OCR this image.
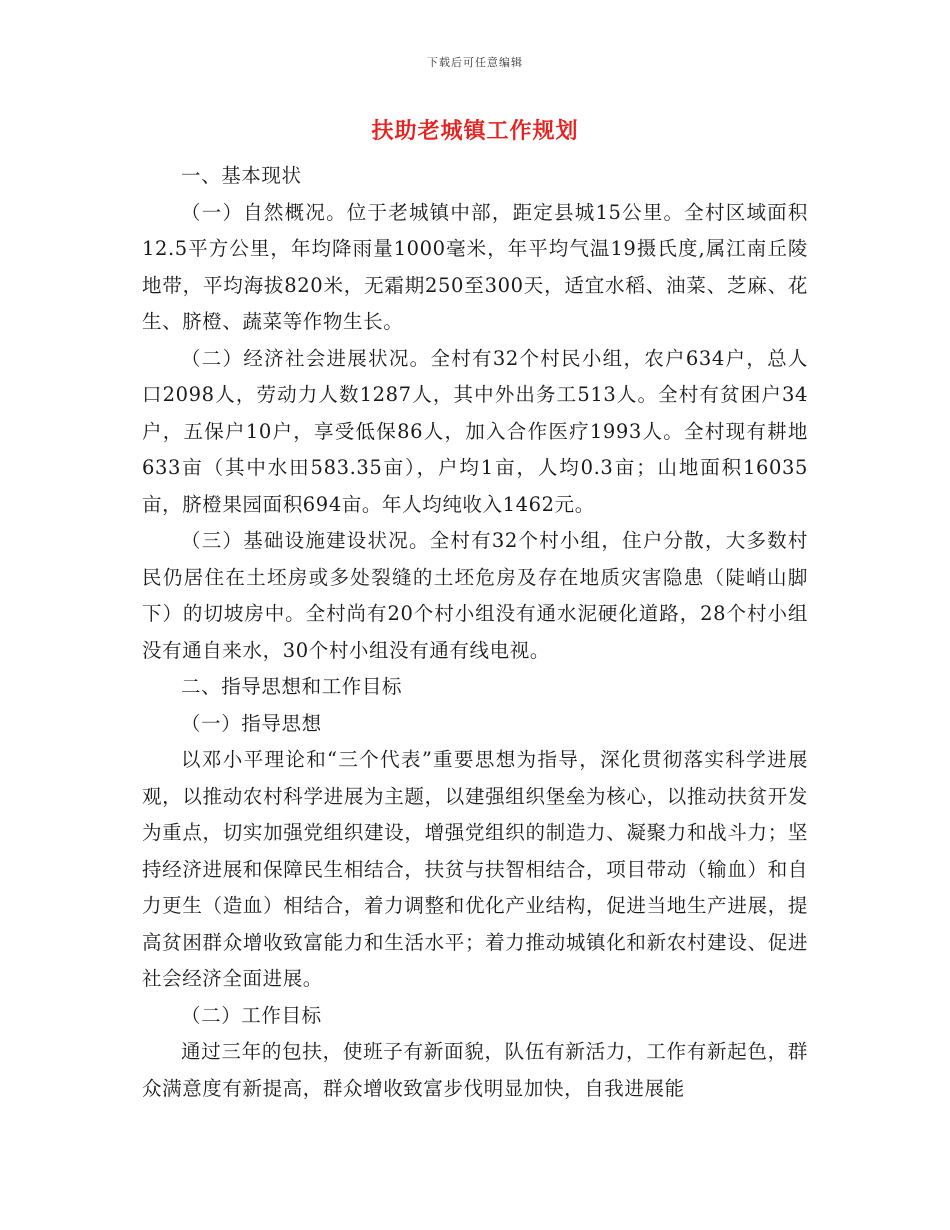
下载后可任意编辑
扶助老城镇工作规划

一、基本现状

（一）自然概况。位于老城镇中部，距定县城15公里。全村区域面积12.5平方公里，年均降雨量1000毫米，年平均气温19摄氏度,属江南丘陵地带，平均海拔820米，无霜期250至300天，适宜水稻、油菜、芝麻、花生、脐橙、蔬菜等作物生长。

（二）经济社会进展状况。全村有32个村民小组，农户634户，总人口2098人，劳动力人数1287人，其中外出务工513人。全村有贫困户34户，五保户10户，享受低保86人，加入合作医疗1993人。全村现有耕地633亩（其中水田583.35亩），户均1亩，人均0.3亩；山地面积16035亩，脐橙果园面积694亩。年人均纯收入1462元。

（三）基础设施建设状况。全村有32个村小组，住户分散，大多数村民仍居住在土坯房或多处裂缝的土坯危房及存在地质灾害隐患（陡峭山脚下）的切坡房中。全村尚有20个村小组没有通水泥硬化道路，28个村小组没有通自来水，30个村小组没有通有线电视。

二、指导思想和工作目标

（一）指导思想

以邓小平理论和“三个代表”重要思想为指导，深化贯彻落实科学进展观，以推动农村科学进展为主题，以建强组织堡垒为核心，以推动扶贫开发为重点，切实加强党组织建设，增强党组织的制造力、凝聚力和战斗力；坚持经济进展和保障民生相结合，扶贫与扶智相结合，项目带动（输血）和自力更生（造血）相结合，着力调整和优化产业结构，促进当地生产进展，提高贫困群众增收致富能力和生活水平；着力推动城镇化和新农村建设、促进社会经济全面进展。

（二）工作目标

通过三年的包扶，使班子有新面貌，队伍有新活力，工作有新起色，群众满意度有新提高，群众增收致富步伐明显加快，自我进展能
